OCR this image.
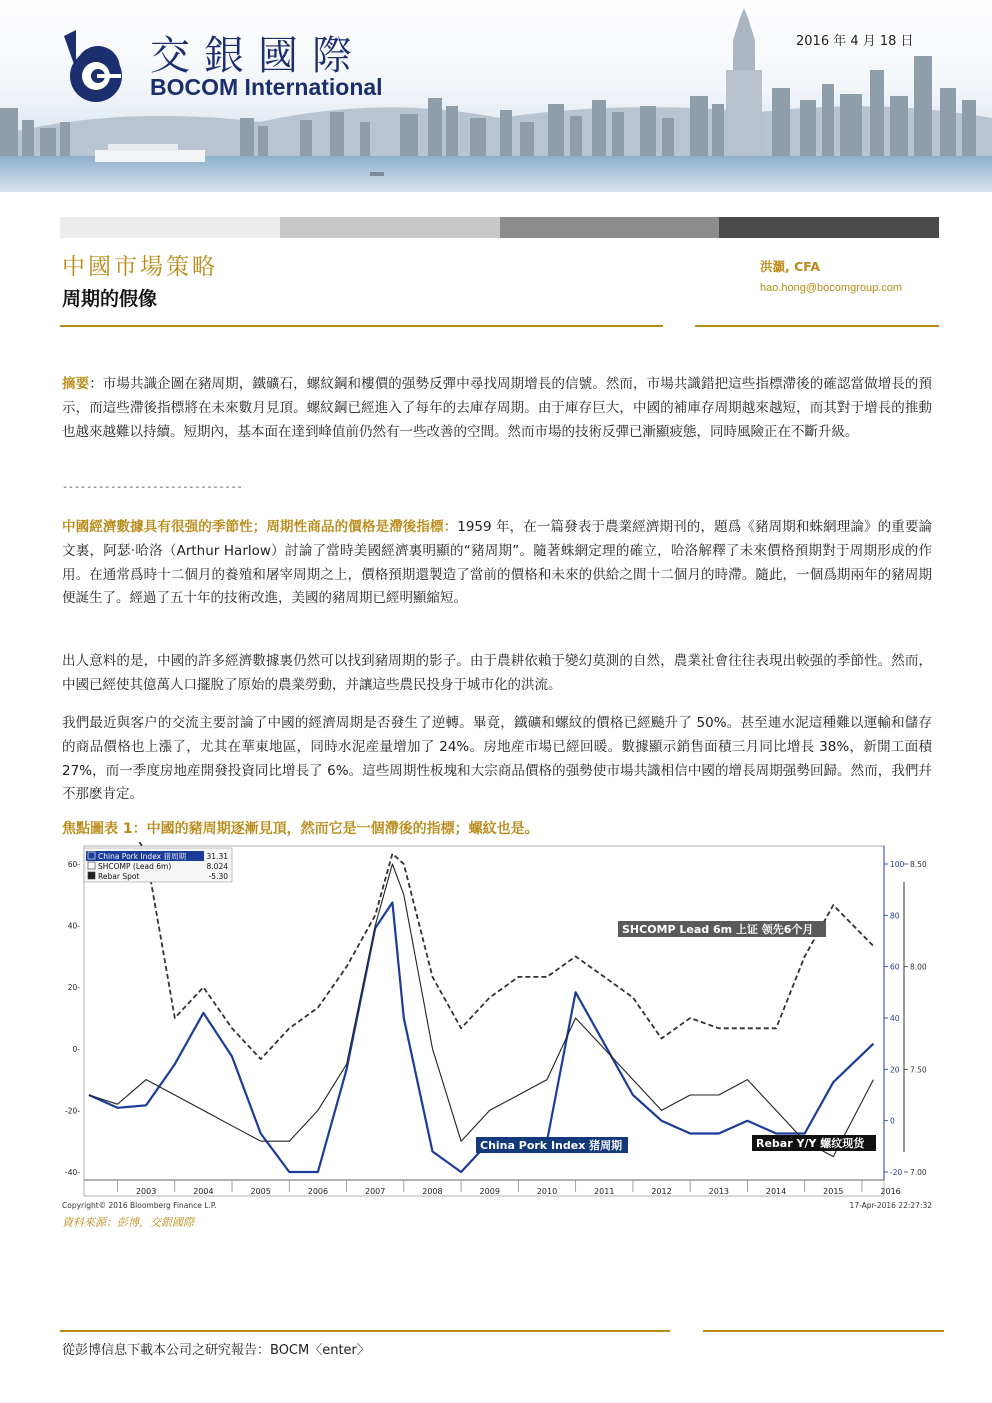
交銀國際
BOCOM International
2016 年 4 月 18 日
中國市場策略
周期的假像
洪灝, CFA
hao.hong@bocomgroup.com
摘要：市場共識企圖在豬周期，鐵礦石，螺紋鋼和樓價的强勢反彈中尋找周期增長的信號。然而，市場共識錯把這些指標滯後的確認當做增長的預示，而這些滯後指標將在未來數月見頂。螺紋鋼已經進入了每年的去庫存周期。由于庫存巨大，中國的補庫存周期越來越短，而其對于增長的推動也越來越難以持續。短期內，基本面在達到峰值前仍然有一些改善的空間。然而市場的技術反彈已漸顯疲態，同時風險正在不斷升級。
------------------------------
中國經濟數據具有很强的季節性；周期性商品的價格是滯後指標：1959 年，在一篇發表于農業經濟期刊的，題爲《豬周期和蛛網理論》的重要論文裏，阿瑟·哈洛（Arthur Harlow）討論了當時美國經濟裏明顯的“豬周期”。隨著蛛網定理的確立，哈洛解釋了未來價格預期對于周期形成的作用。在通常爲時十二個月的養殖和屠宰周期之上，價格預期還製造了當前的價格和未來的供給之間十二個月的時滯。隨此，一個爲期兩年的豬周期便誕生了。經過了五十年的技術改進，美國的豬周期已經明顯縮短。
出人意料的是，中國的許多經濟數據裏仍然可以找到豬周期的影子。由于農耕依賴于變幻莫測的自然，農業社會往往表現出較强的季節性。然而，中國已經使其億萬人口擺脫了原始的農業勞動，并讓這些農民投身于城市化的洪流。
我們最近與客户的交流主要討論了中國的經濟周期是否發生了逆轉。畢竟，鐵礦和螺紋的價格已經飈升了 50%。甚至連水泥這種難以運輸和儲存的商品價格也上漲了，尤其在華東地區，同時水泥産量增加了 24%。房地産市場已經回暖。數據顯示銷售面積三月同比增長 38%，新開工面積 27%，而一季度房地産開發投資同比增長了 6%。這些周期性板塊和大宗商品價格的强勢使市場共識相信中國的增長周期强勢回歸。然而，我們幷不那麽肯定。
焦點圖表 1：中國的豬周期逐漸見頂，然而它是一個滯後的指標；螺紋也是。
2003	2004	2005	2006	2007	2008	2009	2010	2011	2012	2013	2014	2015	2016
60-
40-
20-
0-
-20-
-40-
100
80
60
40
20
0
-20
8.50
8.00
7.50
7.00
China Pork Index 猪周期	31.31
SHCOMP (Lead 6m)	8.024
Rebar Spot	-5.30
SHCOMP Lead 6m 上证 领先6个月
China Pork Index 猪周期	Rebar Y/Y 螺纹现货
Copyright© 2016 Bloomberg Finance L.P.	17-Apr-2016 22:27:32
資料來源：彭博，交銀國際
從彭博信息下載本公司之研究報告：BOCM〈enter〉
